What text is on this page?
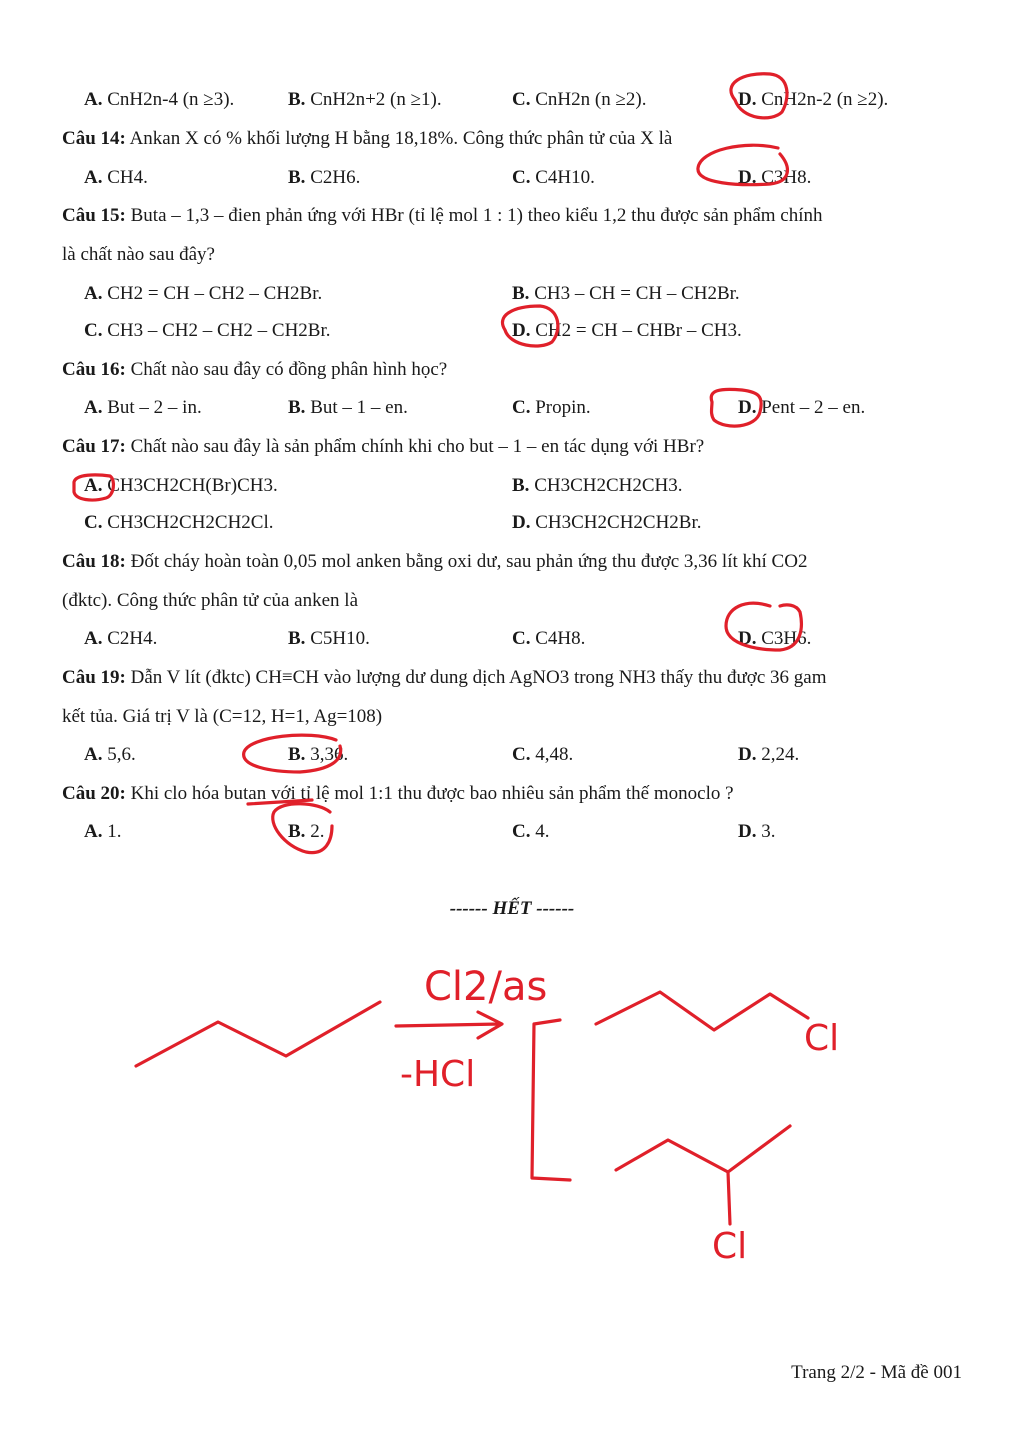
A. CnH2n-4 (n ≥3).	B. CnH2n+2 (n ≥1).	C. CnH2n (n ≥2).	D. CnH2n-2 (n ≥2).
Câu 14: Ankan X có % khối lượng H bằng 18,18%. Công thức phân tử của X là
A. CH4.	B. C2H6.	C. C4H10.	D. C3H8.
Câu 15: Buta – 1,3 – đien phản ứng với HBr (tỉ lệ mol 1 : 1) theo kiểu 1,2 thu được sản phẩm chính
là chất nào sau đây?
A. CH2 = CH – CH2 – CH2Br.	B. CH3 – CH = CH – CH2Br.
C. CH3 – CH2 – CH2 – CH2Br.	D. CH2 = CH – CHBr – CH3.
Câu 16: Chất nào sau đây có đồng phân hình học?
A. But – 2 – in.	B. But – 1 – en.	C. Propin.	D. Pent – 2 – en.
Câu 17: Chất nào sau đây là sản phẩm chính khi cho but – 1 – en tác dụng với HBr?
A. CH3CH2CH(Br)CH3.	B. CH3CH2CH2CH3.
C. CH3CH2CH2CH2Cl.	D. CH3CH2CH2CH2Br.
Câu 18: Đốt cháy hoàn toàn 0,05 mol anken bằng oxi dư, sau phản ứng thu được 3,36 lít khí CO2
(đktc). Công thức phân tử của anken là
A. C2H4.	B. C5H10.	C. C4H8.	D. C3H6.
Câu 19: Dẫn V lít (đktc) CH≡CH vào lượng dư dung dịch AgNO3 trong NH3 thấy thu được 36 gam
kết tủa. Giá trị V là (C=12, H=1, Ag=108)
A. 5,6.	B. 3,36.	C. 4,48.	D. 2,24.
Câu 20: Khi clo hóa butan với tỉ lệ mol 1:1 thu được bao nhiêu sản phẩm thế monoclo ?
A. 1.	B. 2.	C. 4.	D. 3.
------ HẾT ------
Trang 2/2 - Mã đề 001
Cl2/as
-HCl
Cl
Cl
